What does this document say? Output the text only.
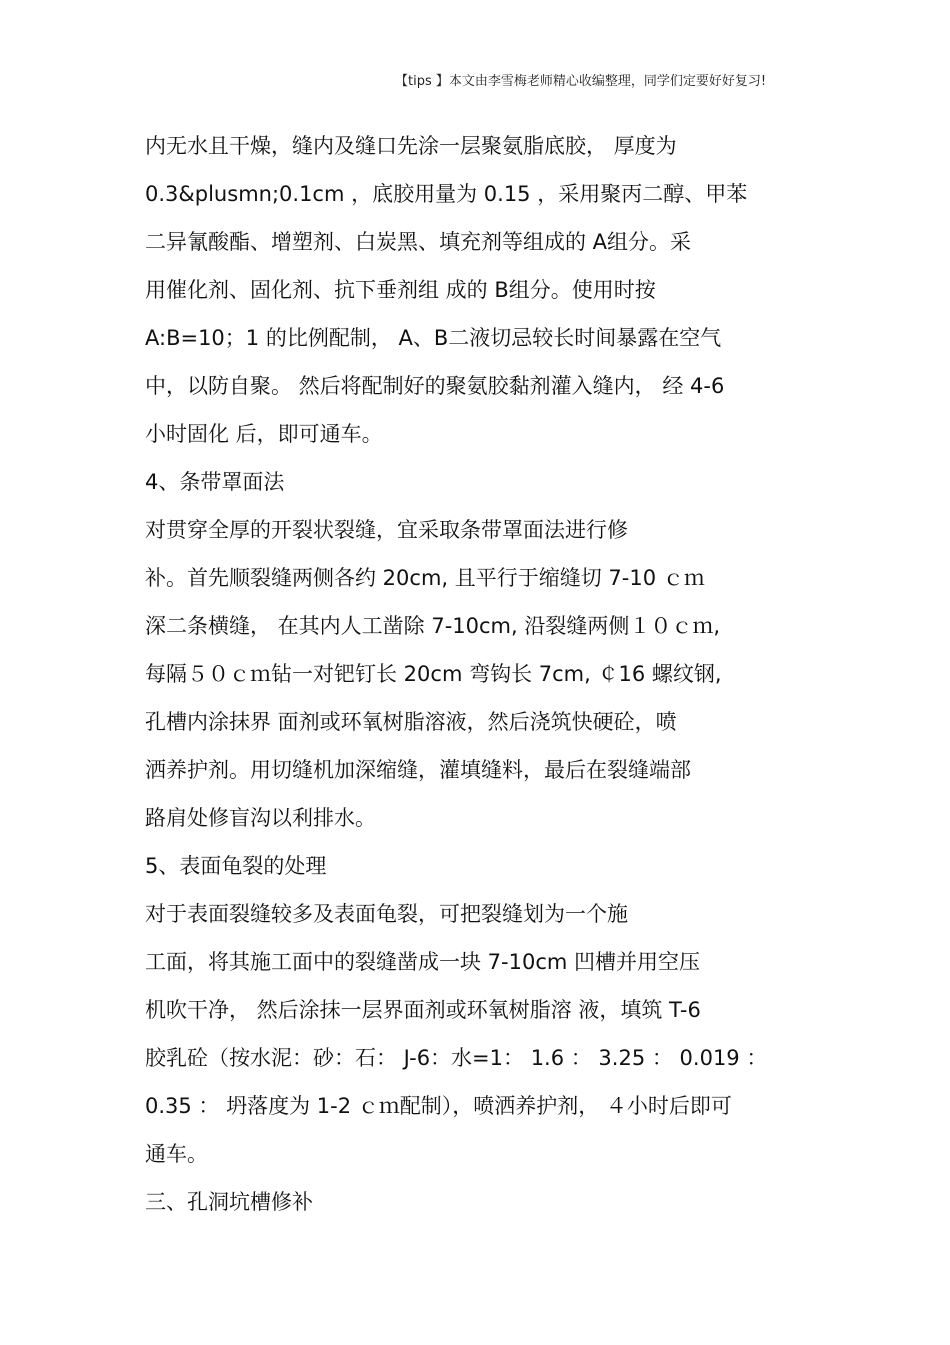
【tips 】本文由李雪梅老师精心收编整理，同学们定要好好复习!
内无水且干燥，缝内及缝口先涂一层聚氨脂底胶， 厚度为
0.3&plusmn;0.1cm ，底胶用量为 0.15 ，采用聚丙二醇、甲苯
二异氰酸酯、增塑剂、白炭黑、填充剂等组成的 A组分。采
用催化剂、固化剂、抗下垂剂组 成的 B组分。使用时按
A:B=10；1 的比例配制， A、B二液切忌较长时间暴露在空气
中，以防自聚。 然后将配制好的聚氨胶黏剂灌入缝内， 经 4-6
小时固化 后，即可通车。
4、条带罩面法
对贯穿全厚的开裂状裂缝，宜采取条带罩面法进行修
补。首先顺裂缝两侧各约 20cm, 且平行于缩缝切 7-10 ｃｍ
深二条横缝， 在其内人工凿除 7-10cm, 沿裂缝两侧１０ｃｍ,
每隔５０ｃｍ钻一对钯钉长 20cm 弯钩长 7cm, ￠16 螺纹钢,
孔槽内涂抹界 面剂或环氧树脂溶液，然后浇筑快硬砼，喷
洒养护剂。用切缝机加深缩缝，灌填缝料，最后在裂缝端部
路肩处修盲沟以利排水。
5、表面龟裂的处理
对于表面裂缝较多及表面龟裂，可把裂缝划为一个施
工面，将其施工面中的裂缝凿成一块 7-10cm 凹槽并用空压
机吹干净， 然后涂抹一层界面剂或环氧树脂溶 液，填筑 T-6
胶乳砼（按水泥：砂：石： J-6：水=1： 1.6 ： 3.25 ： 0.019 ：
0.35 ： 坍落度为 1-2 ｃｍ配制），喷洒养护剂， ４小时后即可
通车。
三、孔洞坑槽修补
